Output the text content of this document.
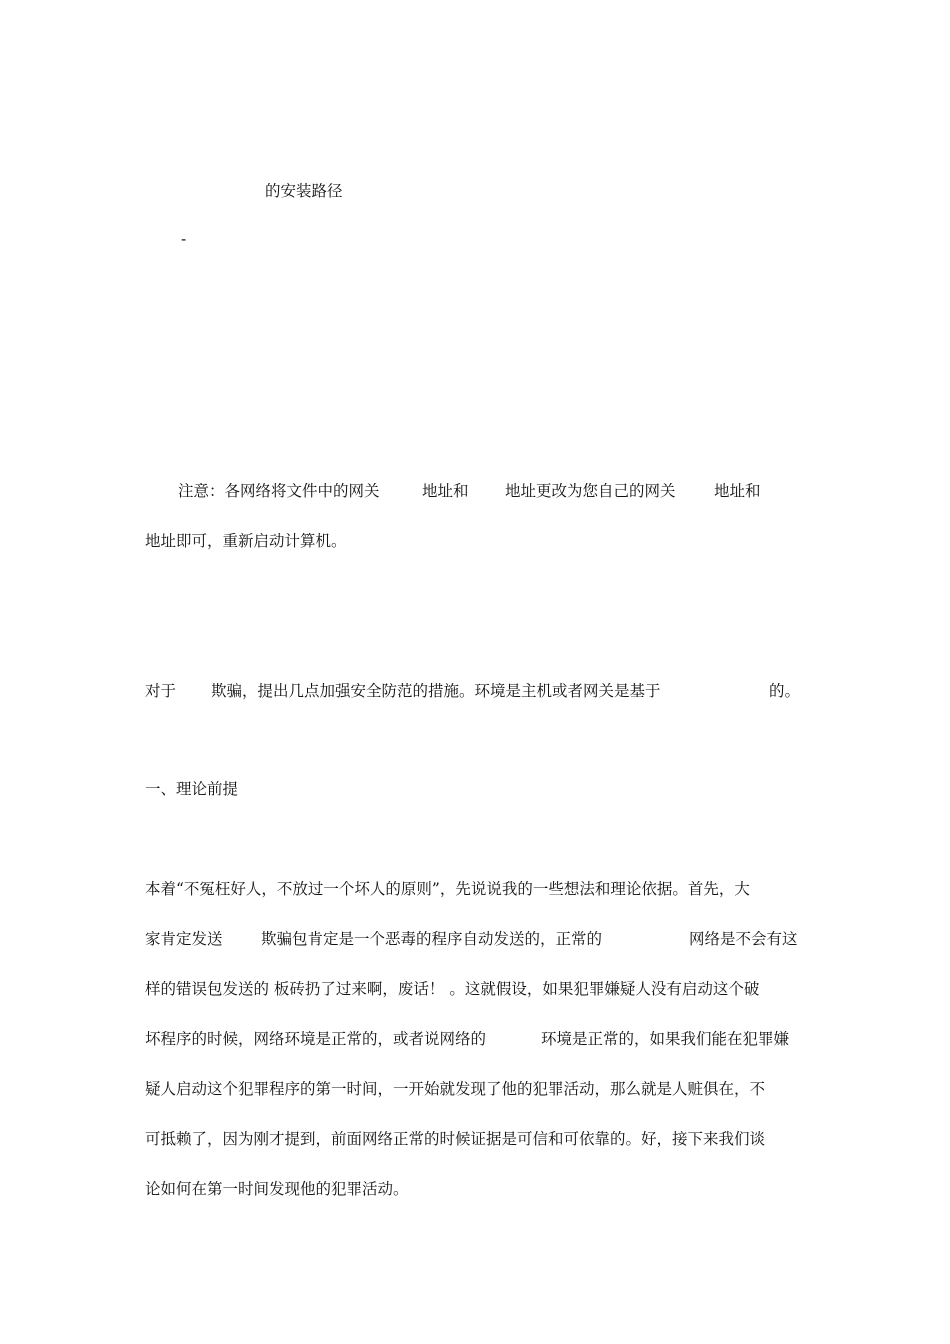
的安装路径
-
注意：各网络将文件中的网关	地址和 地址更改为您自己的网关 地址和
地址即可，重新启动计算机。
对于 欺骗，提出几点加强安全防范的措施。环境是主机或者网关是基于	的。
一、理论前提
本着“不冤枉好人，不放过一个坏人的原则”，先说说我的一些想法和理论依据。首先，大
家肯定发送 欺骗包肯定是一个恶毒的程序自动发送的，正常的	网络是不会有这
样的错误包发送的 板砖扔了过来啊，废话！ 。这就假设，如果犯罪嫌疑人没有启动这个破
坏程序的时候，网络环境是正常的，或者说网络的	环境是正常的，如果我们能在犯罪嫌
疑人启动这个犯罪程序的第一时间，一开始就发现了他的犯罪活动，那么就是人赃俱在，不
可抵赖了，因为刚才提到，前面网络正常的时候证据是可信和可依靠的。好，接下来我们谈
论如何在第一时间发现他的犯罪活动。
